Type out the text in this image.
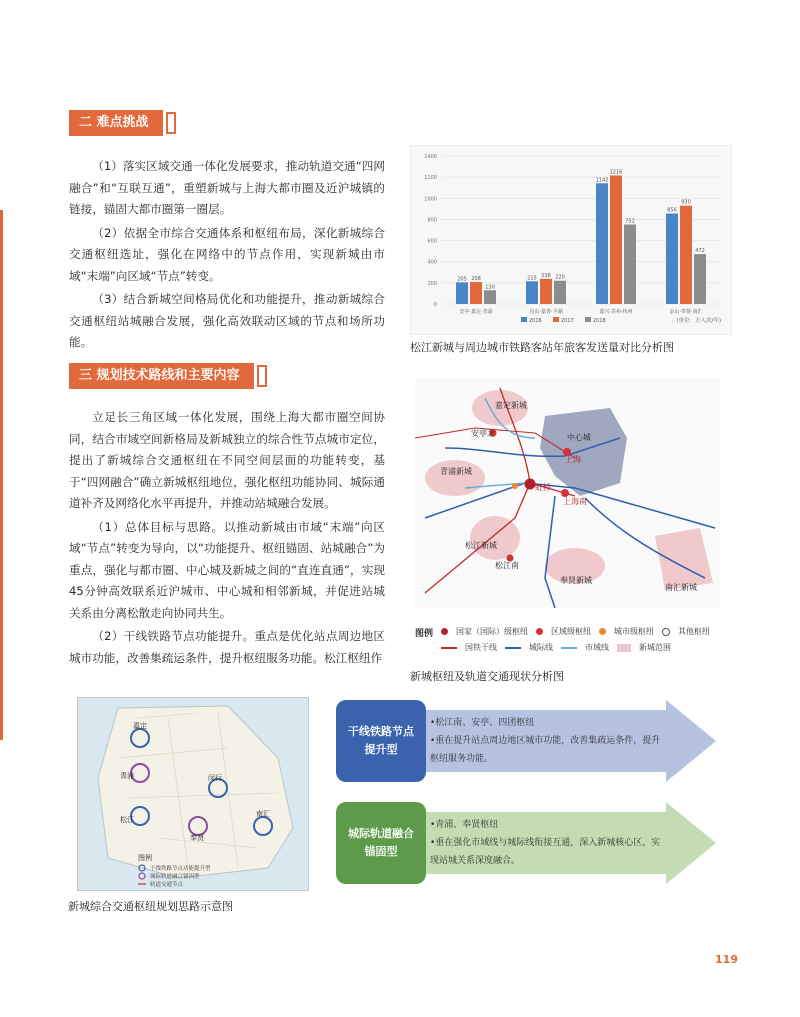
二 难点挑战

（1）落实区域交通一体化发展要求，推动轨道交通“四网融合”和“互联互通”，重塑新城与上海大都市圈及近沪城镇的链接，锚固大都市圈第一圈层。

（2）依据全市综合交通体系和枢纽布局，深化新城综合交通枢纽选址，强化在网络中的节点作用，实现新城由市域“末端”向区域“节点”转变。

（3）结合新城空间格局优化和功能提升，推动新城综合交通枢纽站城融合发展，强化高效联动区域的节点和场所功能。

三 规划技术路线和主要内容

立足长三角区域一体化发展，围绕上海大都市圈空间协同，结合市域空间新格局及新城独立的综合性节点城市定位，提出了新城综合交通枢纽在不同空间层面的功能转变，基于“四网融合”确立新城枢纽地位，强化枢纽功能协同、城际通道补齐及网络化水平再提升，并推动站城融合发展。

（1）总体目标与思路。以推动新城由市域“末端”向区域“节点”转变为导向，以“功能提升、枢纽锚固、站城融合”为重点，强化与都市圈、中心城及新城之间的“直连直通”，实现45分钟高效联系近沪城市、中心城和相邻新城，并促进站城关系由分离松散走向协同共生。

（2）干线铁路节点功能提升。重点是优化站点周边地区城市功能，改善集疏运条件，提升枢纽服务功能。松江枢纽作

0
200
400
600
800
1000
1200
1400
205 208
130
安亭·嘉定·青浦
215 238 220
昆山·嘉善·平湖
1142
1216
752
嘉兴·苏州·杭州
856
930
472
金山·奉贤·南汇
2016	2017	2018	(单位：万人次/年)
松江新城与周边城市铁路客站年旅客发送量对比分析图
嘉定新城
安亭北	中心城
上海
青浦新城
虹桥
上海南
松江新城
松江南
奉贤新城
南汇新城
图例	国家（国际）级枢纽	区域级枢纽	城市级枢纽	其他枢纽
国铁干线	城际线	市域线	新城范围
新城枢纽及轨道交通现状分析图
嘉定
青浦
松江
奉贤
闵行
南汇
图例
干线铁路节点功能提升型
城际轨道融合锚固型
轨道交通节点
新城综合交通枢纽规划思路示意图
干线铁路节点
提升型
•松江南、安亭、四团枢纽
•重在提升站点周边地区城市功能，改善集疏运条件，提升枢纽服务功能。
城际轨道融合
锚固型
•青浦、奉贤枢纽
•重在强化市域线与城际线衔接互通，深入新城核心区，实现站城关系深度融合。
119
